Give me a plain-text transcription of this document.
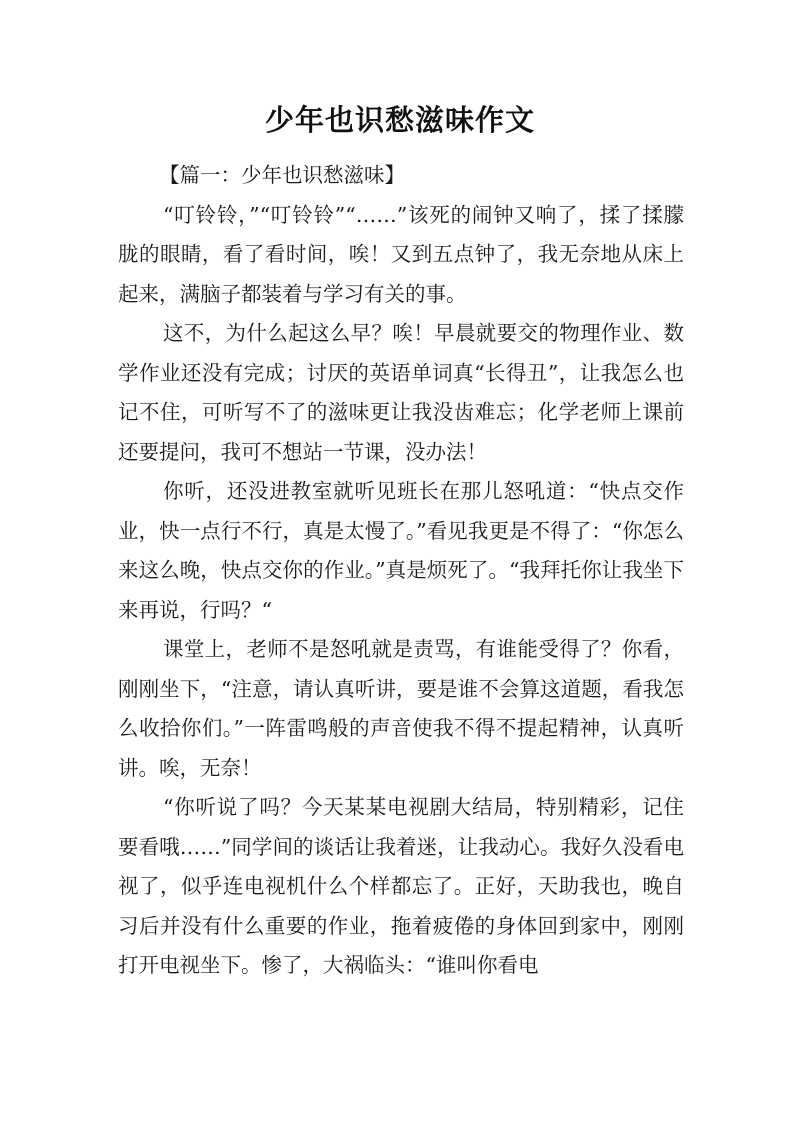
少年也识愁滋味作文

【篇一：少年也识愁滋味】

“叮铃铃，”“叮铃铃”“……”该死的闹钟又响了，揉了揉朦胧的眼睛，看了看时间，唉！又到五点钟了，我无奈地从床上起来，满脑子都装着与学习有关的事。

这不，为什么起这么早？唉！早晨就要交的物理作业、数学作业还没有完成；讨厌的英语单词真“长得丑”，让我怎么也记不住，可听写不了的滋味更让我没齿难忘；化学老师上课前还要提问，我可不想站一节课，没办法！

你听，还没进教室就听见班长在那儿怒吼道：“快点交作业，快一点行不行，真是太慢了。”看见我更是不得了：“你怎么来这么晚，快点交你的作业。”真是烦死了。“我拜托你让我坐下来再说，行吗？“

课堂上，老师不是怒吼就是责骂，有谁能受得了？你看，刚刚坐下，“注意，请认真听讲，要是谁不会算这道题，看我怎么收拾你们。”一阵雷鸣般的声音使我不得不提起精神，认真听讲。唉，无奈！

“你听说了吗？今天某某电视剧大结局，特别精彩，记住要看哦……”同学间的谈话让我着迷，让我动心。我好久没看电视了，似乎连电视机什么个样都忘了。正好，天助我也，晚自习后并没有什么重要的作业，拖着疲倦的身体回到家中，刚刚打开电视坐下。惨了，大祸临头：“谁叫你看电
